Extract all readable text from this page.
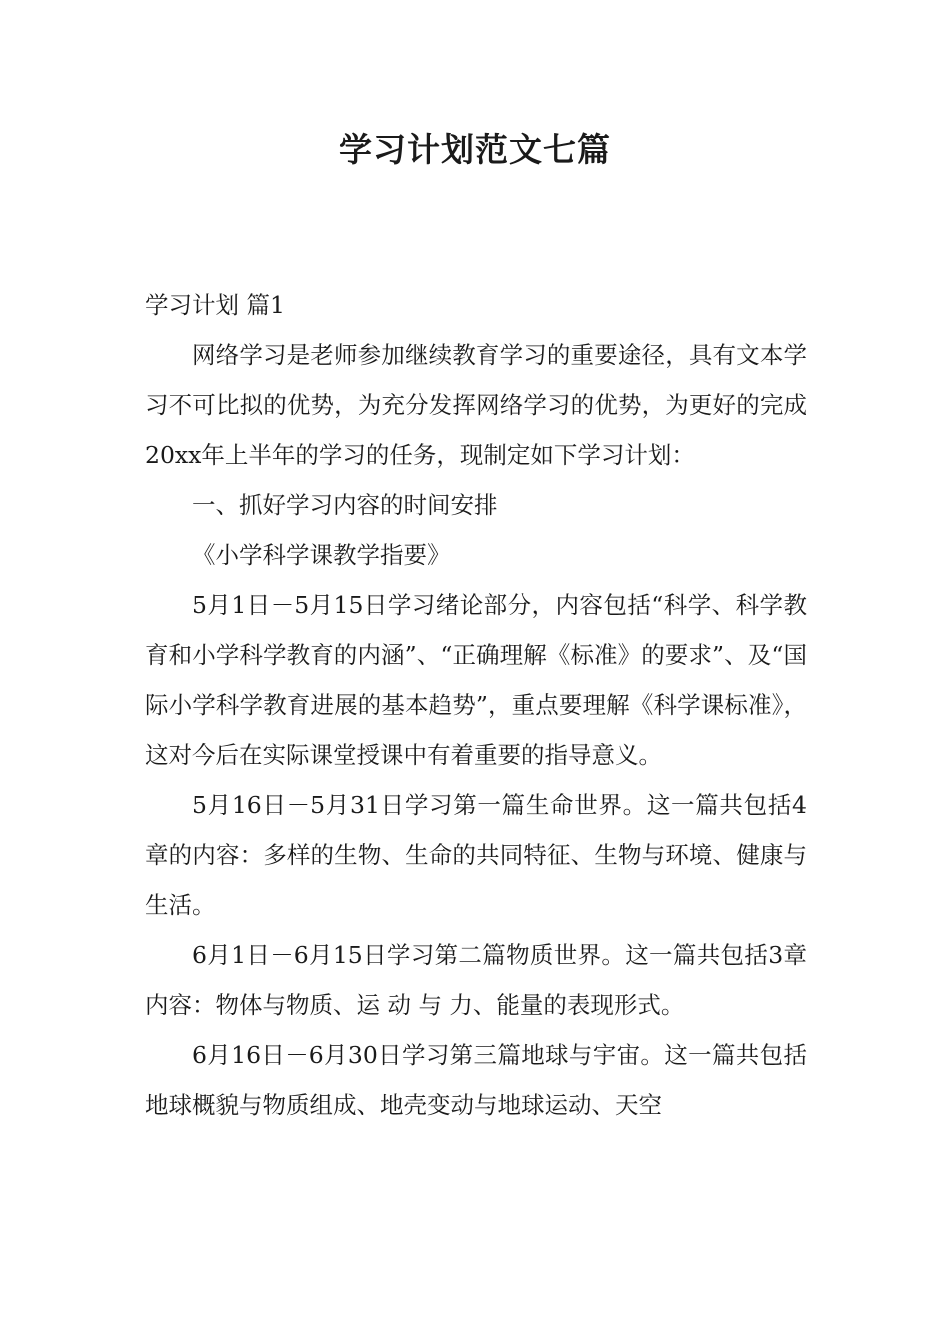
学习计划范文七篇
学习计划 篇1

网络学习是老师参加继续教育学习的重要途径，具有文本学习不可比拟的优势，为充分发挥网络学习的优势，为更好的完成20xx年上半年的学习的任务，现制定如下学习计划：

一、抓好学习内容的时间安排

《小学科学课教学指要》

5月1日－5月15日学习绪论部分，内容包括“科学、科学教育和小学科学教育的内涵”、“正确理解《标准》的要求”、及“国际小学科学教育进展的基本趋势”，重点要理解《科学课标准》，这对今后在实际课堂授课中有着重要的指导意义。

5月16日－5月31日学习第一篇生命世界。这一篇共包括4章的内容：多样的生物、生命的共同特征、生物与环境、健康与生活。

6月1日－6月15日学习第二篇物质世界。这一篇共包括3章内容：物体与物质、运 动 与 力、能量的表现形式。

6月16日－6月30日学习第三篇地球与宇宙。这一篇共包括地球概貌与物质组成、地壳变动与地球运动、天空
